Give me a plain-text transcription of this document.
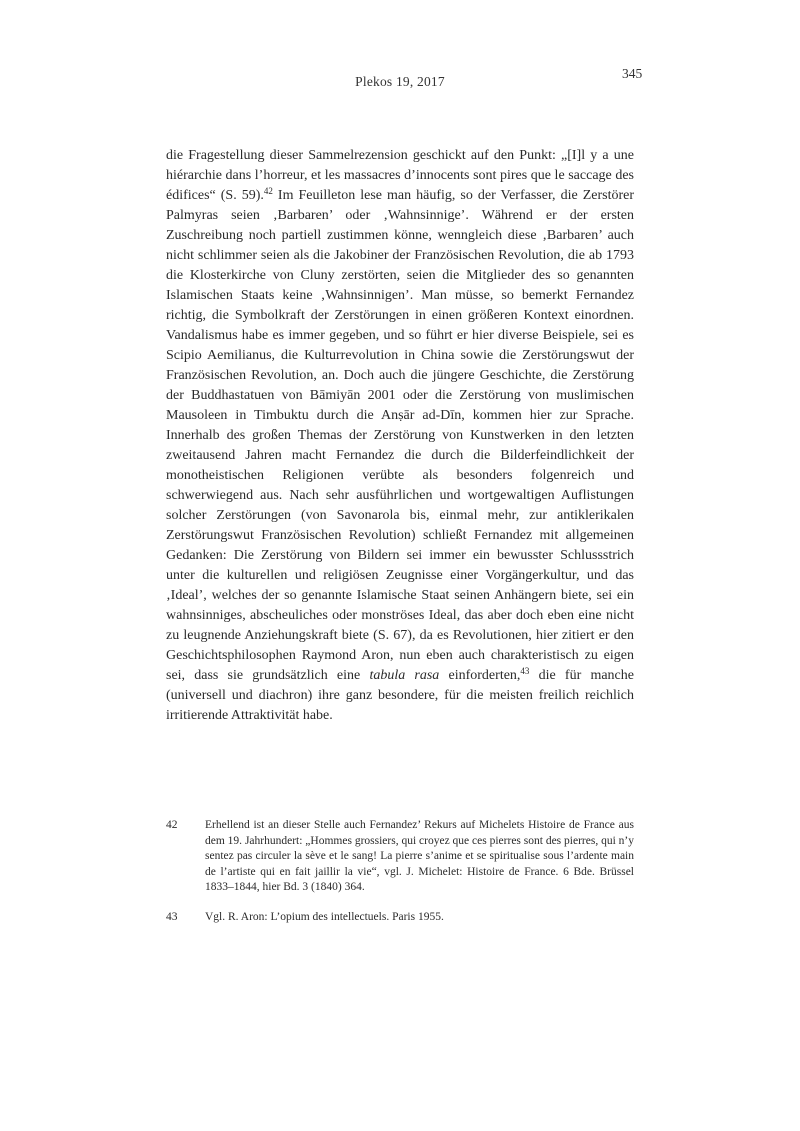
Plekos 19, 2017
345
die Fragestellung dieser Sammelrezension geschickt auf den Punkt: „[I]l y a une hiérarchie dans l’horreur, et les massacres d’innocents sont pires que le saccage des édifices“ (S. 59).$^{42}$ Im Feuilleton lese man häufig, so der Verfasser, die Zerstörer Palmyras seien ‚Barbaren’ oder ‚Wahnsinnige’. Während er der ersten Zuschreibung noch partiell zustimmen könne, wenngleich diese ‚Barbaren’ auch nicht schlimmer seien als die Jakobiner der Französischen Revolution, die ab 1793 die Klosterkirche von Cluny zerstörten, seien die Mitglieder des so genannten Islamischen Staats keine ‚Wahnsinnigen’. Man müsse, so bemerkt Fernandez richtig, die Symbolkraft der Zerstörungen in einen größeren Kontext einordnen. Vandalismus habe es immer gegeben, und so führt er hier diverse Beispiele, sei es Scipio Aemilianus, die Kulturrevolution in China sowie die Zerstörungswut der Französischen Revolution, an. Doch auch die jüngere Geschichte, die Zerstörung der Buddhastatuen von Bāmiyān 2001 oder die Zerstörung von muslimischen Mausoleen in Timbuktu durch die Anṣār ad-Dīn, kommen hier zur Sprache. Innerhalb des großen Themas der Zerstörung von Kunstwerken in den letzten zweitausend Jahren macht Fernandez die durch die Bilderfeindlichkeit der monotheistischen Religionen verübte als besonders folgenreich und schwerwiegend aus. Nach sehr ausführlichen und wortgewaltigen Auflistungen solcher Zerstörungen (von Savonarola bis, einmal mehr, zur antiklerikalen Zerstörungswut Französischen Revolution) schließt Fernandez mit allgemeinen Gedanken: Die Zerstörung von Bildern sei immer ein bewusster Schlussstrich unter die kulturellen und religiösen Zeugnisse einer Vorgängerkultur, und das ‚Ideal’, welches der so genannte Islamische Staat seinen Anhängern biete, sei ein wahnsinniges, abscheuliches oder monströses Ideal, das aber doch eben eine nicht zu leugnende Anziehungskraft biete (S. 67), da es Revolutionen, hier zitiert er den Geschichtsphilosophen Raymond Aron, nun eben auch charakteristisch zu eigen sei, dass sie grundsätzlich eine tabula rasa einforderten,$^{43}$ die für manche (universell und diachron) ihre ganz besondere, für die meisten freilich reichlich irritierende Attraktivität habe.
42	Erhellend ist an dieser Stelle auch Fernandez’ Rekurs auf Michelets Histoire de France aus dem 19. Jahrhundert: „Hommes grossiers, qui croyez que ces pierres sont des pierres, qui n’y sentez pas circuler la sève et le sang! La pierre s’anime et se spiritualise sous l’ardente main de l’artiste qui en fait jaillir la vie“, vgl. J. Michelet: Histoire de France. 6 Bde. Brüssel 1833–1844, hier Bd. 3 (1840) 364.
43	Vgl. R. Aron: L’opium des intellectuels. Paris 1955.
